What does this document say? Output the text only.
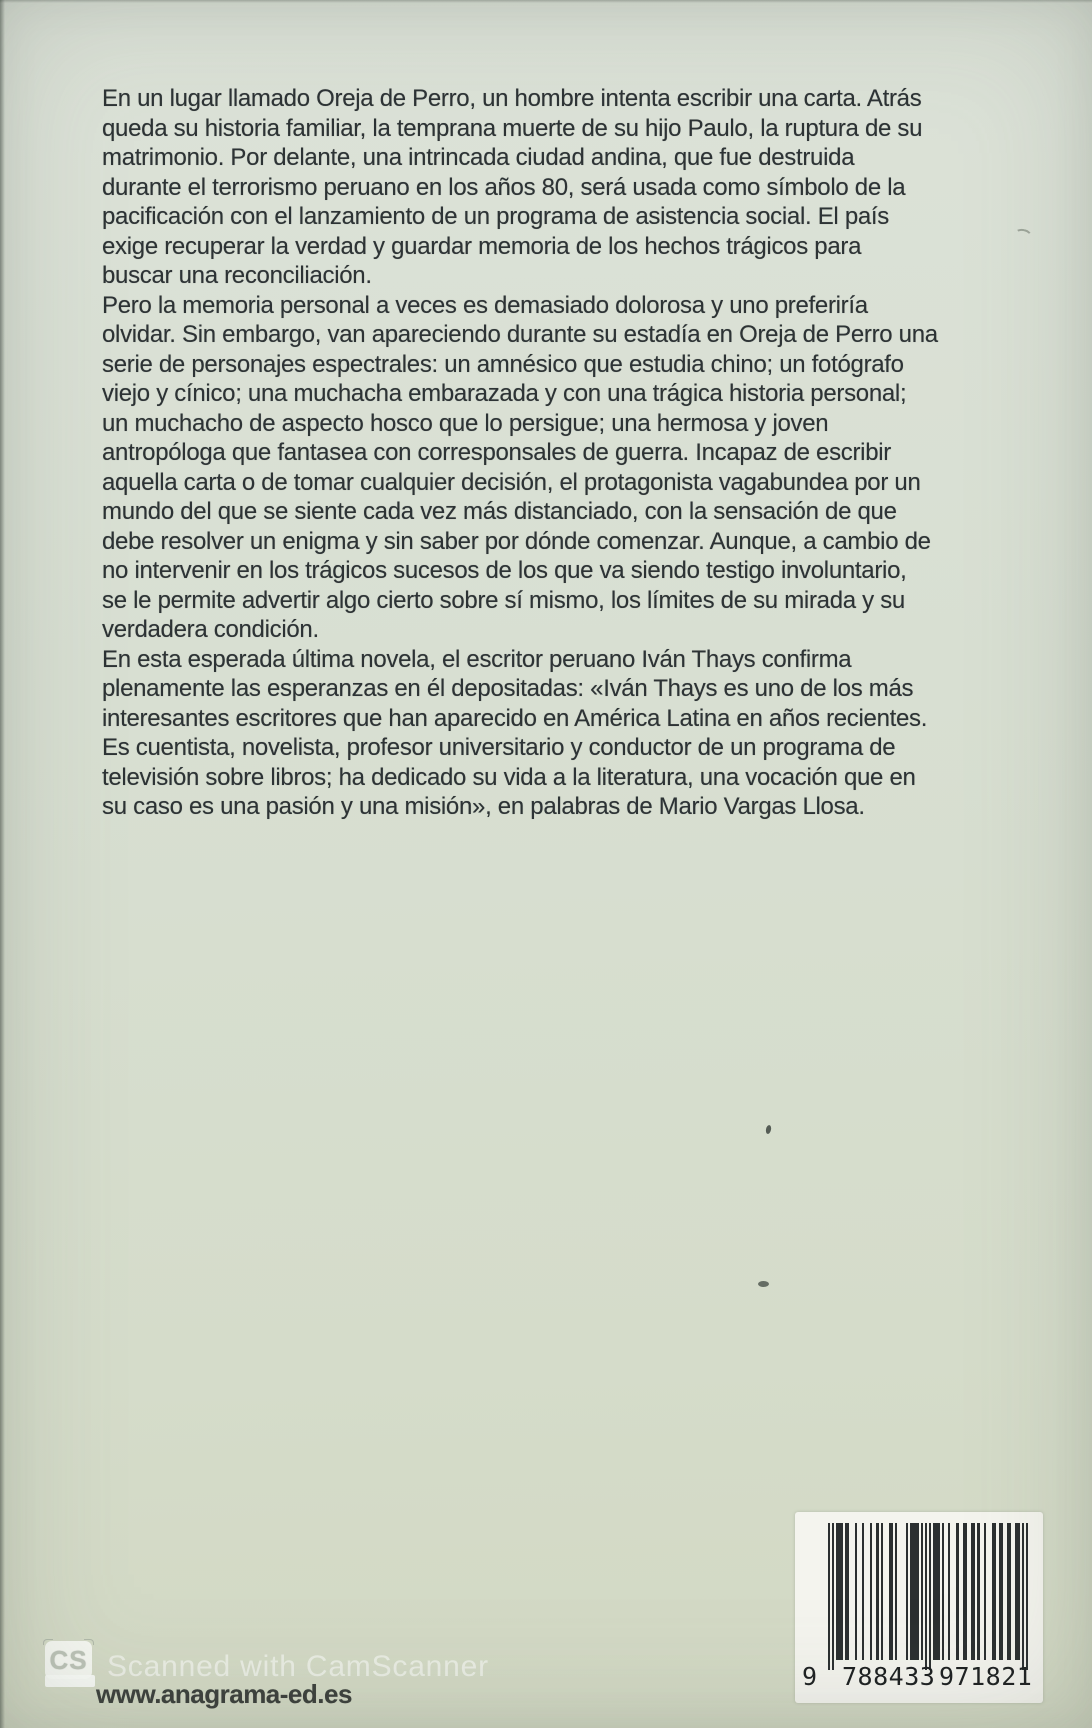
En un lugar llamado Oreja de Perro, un hombre intenta escribir una carta. Atrás
queda su historia familiar, la temprana muerte de su hijo Paulo, la ruptura de su
matrimonio. Por delante, una intrincada ciudad andina, que fue destruida
durante el terrorismo peruano en los años 80, será usada como símbolo de la
pacificación con el lanzamiento de un programa de asistencia social. El país
exige recuperar la verdad y guardar memoria de los hechos trágicos para
buscar una reconciliación.
Pero la memoria personal a veces es demasiado dolorosa y uno preferiría
olvidar. Sin embargo, van apareciendo durante su estadía en Oreja de Perro una
serie de personajes espectrales: un amnésico que estudia chino; un fotógrafo
viejo y cínico; una muchacha embarazada y con una trágica historia personal;
un muchacho de aspecto hosco que lo persigue; una hermosa y joven
antropóloga que fantasea con corresponsales de guerra. Incapaz de escribir
aquella carta o de tomar cualquier decisión, el protagonista vagabundea por un
mundo del que se siente cada vez más distanciado, con la sensación de que
debe resolver un enigma y sin saber por dónde comenzar. Aunque, a cambio de
no intervenir en los trágicos sucesos de los que va siendo testigo involuntario,
se le permite advertir algo cierto sobre sí mismo, los límites de su mirada y su
verdadera condición.
En esta esperada última novela, el escritor peruano Iván Thays confirma
plenamente las esperanzas en él depositadas: «Iván Thays es uno de los más
interesantes escritores que han aparecido en América Latina en años recientes.
Es cuentista, novelista, profesor universitario y conductor de un programa de
televisión sobre libros; ha dedicado su vida a la literatura, una vocación que en
su caso es una pasión y una misión», en palabras de Mario Vargas Llosa.
9 788433 971821
CS Scanned with CamScanner
www.anagrama-ed.es
